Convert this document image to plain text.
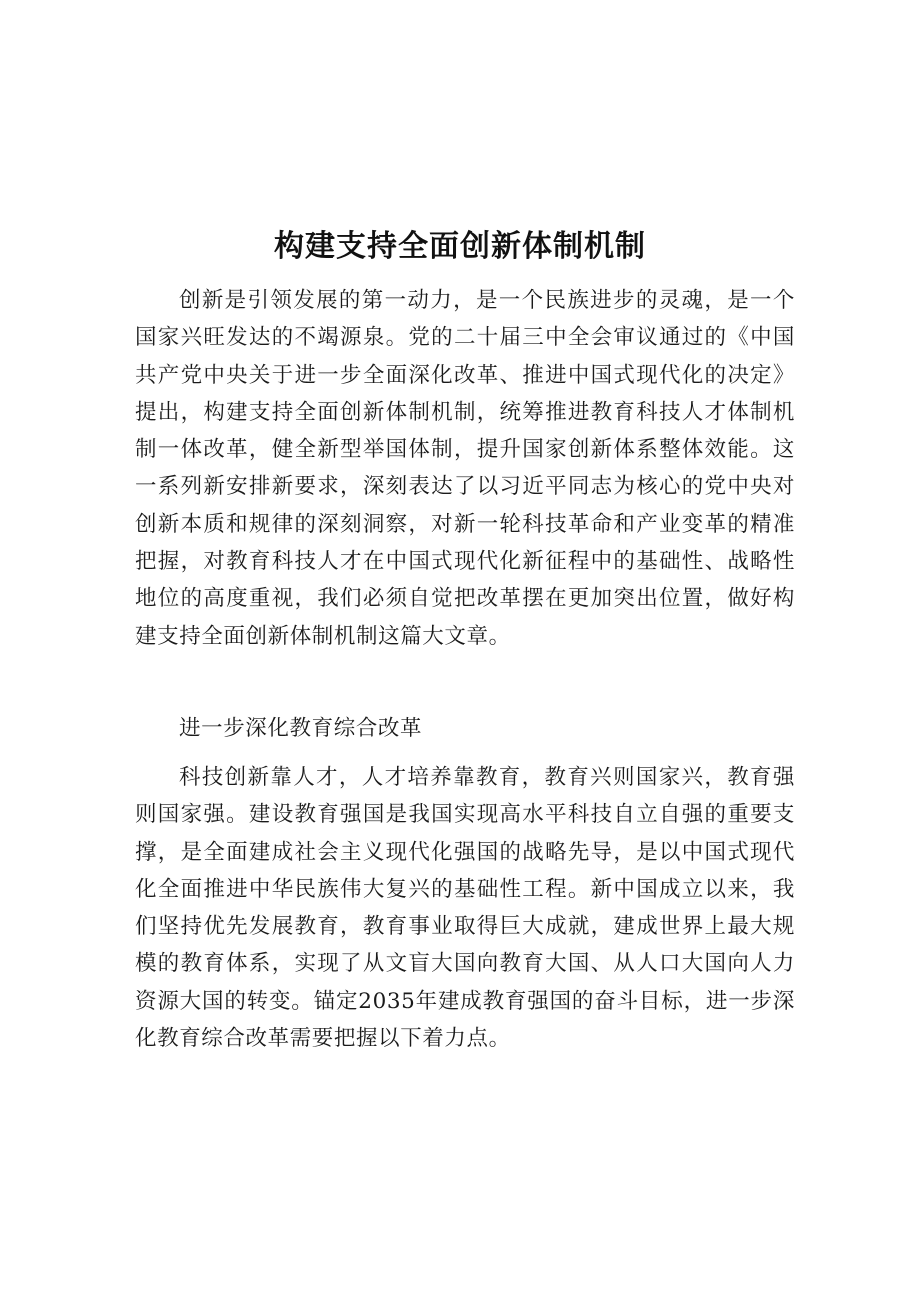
构建支持全面创新体制机制

创新是引领发展的第一动力，是一个民族进步的灵魂，是一个国家兴旺发达的不竭源泉。党的二十届三中全会审议通过的《中国共产党中央关于进一步全面深化改革、推进中国式现代化的决定》提出，构建支持全面创新体制机制，统筹推进教育科技人才体制机制一体改革，健全新型举国体制，提升国家创新体系整体效能。这一系列新安排新要求，深刻表达了以习近平同志为核心的党中央对创新本质和规律的深刻洞察，对新一轮科技革命和产业变革的精准把握，对教育科技人才在中国式现代化新征程中的基础性、战略性地位的高度重视，我们必须自觉把改革摆在更加突出位置，做好构建支持全面创新体制机制这篇大文章。

进一步深化教育综合改革

科技创新靠人才，人才培养靠教育，教育兴则国家兴，教育强则国家强。建设教育强国是我国实现高水平科技自立自强的重要支撑，是全面建成社会主义现代化强国的战略先导，是以中国式现代化全面推进中华民族伟大复兴的基础性工程。新中国成立以来，我们坚持优先发展教育，教育事业取得巨大成就，建成世界上最大规模的教育体系，实现了从文盲大国向教育大国、从人口大国向人力资源大国的转变。锚定2035年建成教育强国的奋斗目标，进一步深化教育综合改革需要把握以下着力点。
